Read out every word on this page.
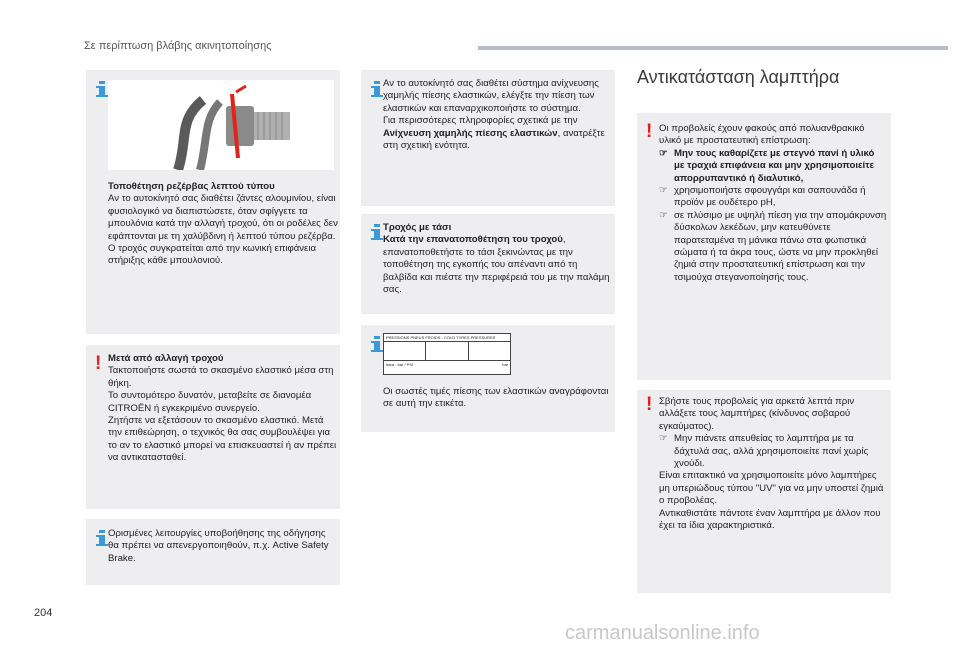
Σε περίπτωση βλάβης ακινητοποίησης
Τοποθέτηση ρεζέρβας λεπτού τύπου
Αν το αυτοκίνητό σας διαθέτει ζάντες αλουμινίου, είναι φυσιολογικό να διαπιστώσετε, όταν σφίγγετε τα μπουλόνια κατά την αλλαγή τροχού, ότι οι ροδέλες δεν εφάπτονται με τη χαλύβδινη ή λεπτού τύπου ρεζέρβα. Ο τροχός συγκρατείται από την κωνική επιφάνεια στήριξης κάθε μπουλονιού.
! Μετά από αλλαγή τροχού
Τακτοποιήστε σωστά το σκασμένο ελαστικό μέσα στη θήκη.
Το συντομότερο δυνατόν, μεταβείτε σε διανομέα CITROËN ή εγκεκριμένο συνεργείο.
Ζητήστε να εξετάσουν το σκασμένο ελαστικό. Μετά την επιθεώρηση, ο τεχνικός θα σας συμβουλέψει για το αν το ελαστικό μπορεί να επισκευαστεί ή αν πρέπει να αντικατασταθεί.
Ορισμένες λειτουργίες υποβοήθησης της οδήγησης θα πρέπει να απενεργοποιηθούν, π.χ. Active Safety Brake.
Αν το αυτοκίνητό σας διαθέτει σύστημα ανίχνευσης χαμηλής πίεσης ελαστικών, ελέγξτε την πίεση των ελαστικών και επαναρχικοποιήστε το σύστημα.
Για περισσότερες πληροφορίες σχετικά με την Ανίχνευση χαμηλής πίεσης ελαστικών, ανατρέξτε στη σχετική ενότητα.
Τροχός με τάσι
Κατά την επανατοποθέτηση του τροχού, επανατοποθετήστε το τάσι ξεκινώντας με την τοποθέτηση της εγκοπής του απέναντι από τη βαλβίδα και πιέστε την περιφέρειά του με την παλάμη σας.
PRESSIONS PNEUS FROIDS - COLD TYRES PRESSURES
bara - bar / PSI	bar
Οι σωστές τιμές πίεσης των ελαστικών αναγράφονται σε αυτή την ετικέτα.
Αντικατάσταση λαμπτήρα
! Οι προβολείς έχουν φακούς από πολυανθρακικό υλικό με προστατευτική επίστρωση:
☞ Μην τους καθαρίζετε με στεγνό πανί ή υλικό με τραχιά επιφάνεια και μην χρησιμοποιείτε απορρυπαντικό ή διαλυτικό,
☞ χρησιμοποιήστε σφουγγάρι και σαπουνάδα ή προϊόν με ουδέτερο pH,
☞ σε πλύσιμο με υψηλή πίεση για την απομάκρυνση δύσκολων λεκέδων, μην κατευθύνετε παρατεταμένα τη μάνικα πάνω στα φωτιστικά σώματα ή τα άκρα τους, ώστε να μην προκληθεί ζημιά στην προστατευτική επίστρωση και την τσιμούχα στεγανοποίησής τους.
! Σβήστε τους προβολείς για αρκετά λεπτά πριν αλλάξετε τους λαμπτήρες (κίνδυνος σοβαρού εγκαύματος).
☞ Μην πιάνετε απευθείας το λαμπτήρα με τα δάχτυλά σας, αλλά χρησιμοποιείτε πανί χωρίς χνούδι.
Είναι επιτακτικό να χρησιμοποιείτε μόνο λαμπτήρες μη υπεριώδους τύπου "UV" για να μην υποστεί ζημιά ο προβολέας.
Αντικαθιστάτε πάντοτε έναν λαμπτήρα με άλλον που έχει τα ίδια χαρακτηριστικά.
204
carmanualsonline.info
